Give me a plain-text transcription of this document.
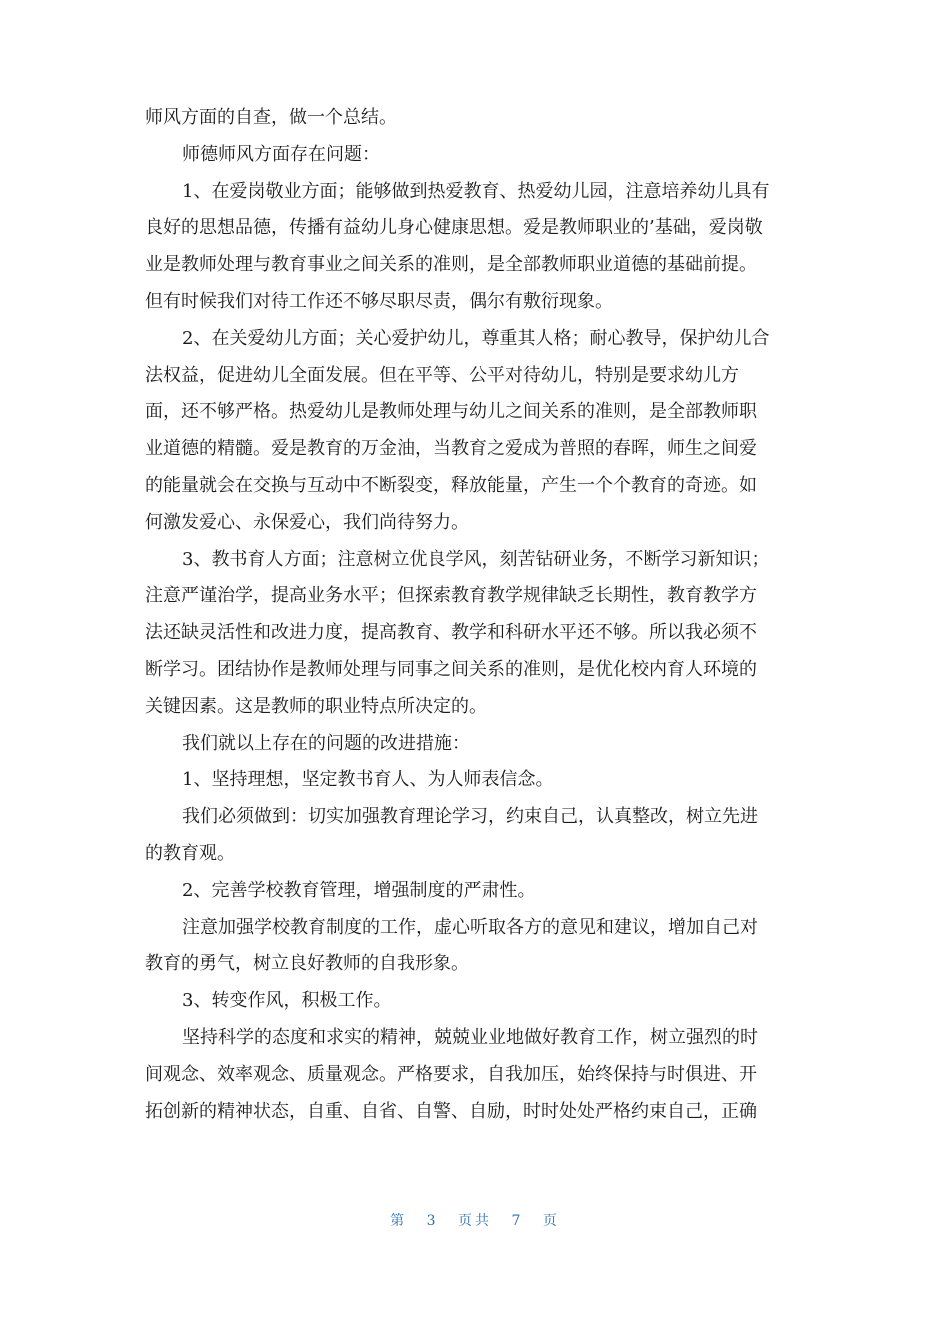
师风方面的自查，做一个总结。
师德师风方面存在问题：
1、在爱岗敬业方面；能够做到热爱教育、热爱幼儿园，注意培养幼儿具有
良好的思想品德，传播有益幼儿身心健康思想。爱是教师职业的’基础，爱岗敬
业是教师处理与教育事业之间关系的准则，是全部教师职业道德的基础前提。
但有时候我们对待工作还不够尽职尽责，偶尔有敷衍现象。
2、在关爱幼儿方面；关心爱护幼儿，尊重其人格；耐心教导，保护幼儿合
法权益，促进幼儿全面发展。但在平等、公平对待幼儿，特别是要求幼儿方
面，还不够严格。热爱幼儿是教师处理与幼儿之间关系的准则，是全部教师职
业道德的精髓。爱是教育的万金油，当教育之爱成为普照的春晖，师生之间爱
的能量就会在交换与互动中不断裂变，释放能量，产生一个个教育的奇迹。如
何激发爱心、永保爱心，我们尚待努力。
3、教书育人方面；注意树立优良学风，刻苦钻研业务，不断学习新知识；
注意严谨治学，提高业务水平；但探索教育教学规律缺乏长期性，教育教学方
法还缺灵活性和改进力度，提高教育、教学和科研水平还不够。所以我必须不
断学习。团结协作是教师处理与同事之间关系的准则，是优化校内育人环境的
关键因素。这是教师的职业特点所决定的。
我们就以上存在的问题的改进措施：
1、坚持理想，坚定教书育人、为人师表信念。
我们必须做到：切实加强教育理论学习，约束自己，认真整改，树立先进
的教育观。
2、完善学校教育管理，增强制度的严肃性。
注意加强学校教育制度的工作，虚心听取各方的意见和建议，增加自己对
教育的勇气，树立良好教师的自我形象。
3、转变作风，积极工作。
坚持科学的态度和求实的精神，兢兢业业地做好教育工作，树立强烈的时
间观念、效率观念、质量观念。严格要求，自我加压，始终保持与时俱进、开
拓创新的精神状态，自重、自省、自警、自励，时时处处严格约束自己，正确
第 3 页共 7 页
